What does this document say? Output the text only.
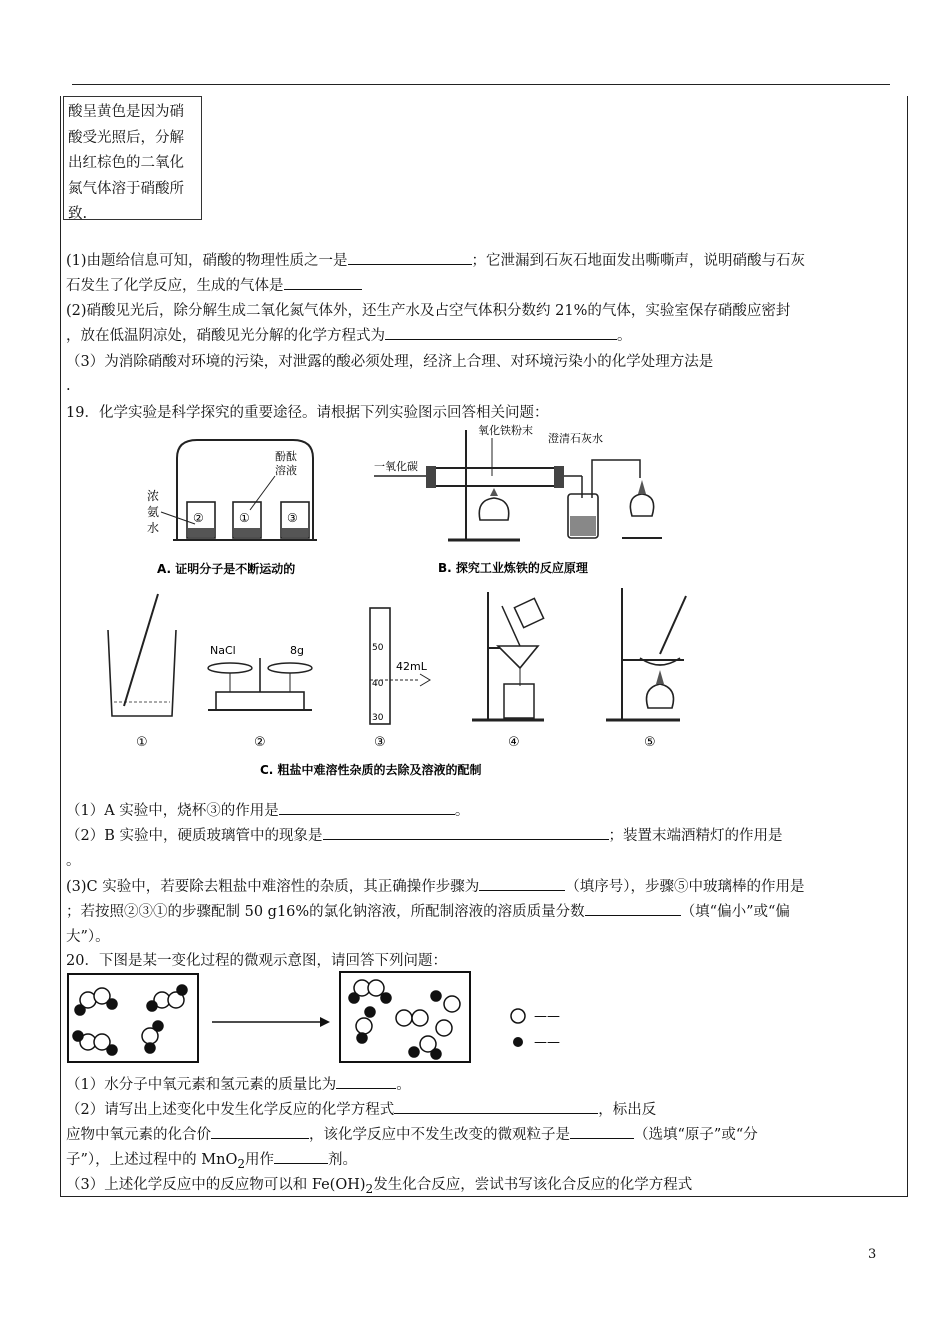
酸呈黄色是因为硝
酸受光照后，分解
出红棕色的二氧化
氮气体溶于硝酸所
致.
(1)由题给信息可知，硝酸的物理性质之一是	；它泄漏到石灰石地面发出嘶嘶声，说明硝酸与石灰
石发生了化学反应，生成的气体是
(2)硝酸见光后，除分解生成二氧化氮气体外，还生产水及占空气体积分数约 21%的气体，实验室保存硝酸应密封
，放在低温阴凉处，硝酸见光分解的化学方程式为	。
（3）为消除硝酸对环境的污染，对泄露的酸必须处理，经济上合理、对环境污染小的化学处理方法是
.
19．化学实验是科学探究的重要途径。请根据下列实验图示回答相关问题：
②	①	③
浓
氨
水
酚酞
溶液
A. 证明分子是不断运动的
一氧化碳
氧化铁粉末
澄清石灰水
B. 探究工业炼铁的反应原理
NaCl	8g	50
40
30
42mL
①	②	③	④	⑤
C. 粗盐中难溶性杂质的去除及溶液的配制
（1）A 实验中，烧杯③的作用是	。
（2）B 实验中，硬质玻璃管中的现象是	；装置末端酒精灯的作用是
。
(3)C 实验中，若要除去粗盐中难溶性的杂质，其正确操作步骤为	（填序号），步骤⑤中玻璃棒的作用是
；若按照②③①的步骤配制 50 g16%的氯化钠溶液，所配制溶液的溶质质量分数	（填“偏小”或“偏
大”）。
20．下图是某一变化过程的微观示意图，请回答下列问题：
——
——
（1）水分子中氧元素和氢元素的质量比为	。
（2）请写出上述变化中发生化学反应的化学方程式	，标出反
应物中氧元素的化合价	，该化学反应中不发生改变的微观粒子是	（选填“原子”或“分
子”），上述过程中的 MnO$_2$用作	剂。
（3）上述化学反应中的反应物可以和 $Fe(OH)_2$发生化合反应，尝试书写该化合反应的化学方程式
3
